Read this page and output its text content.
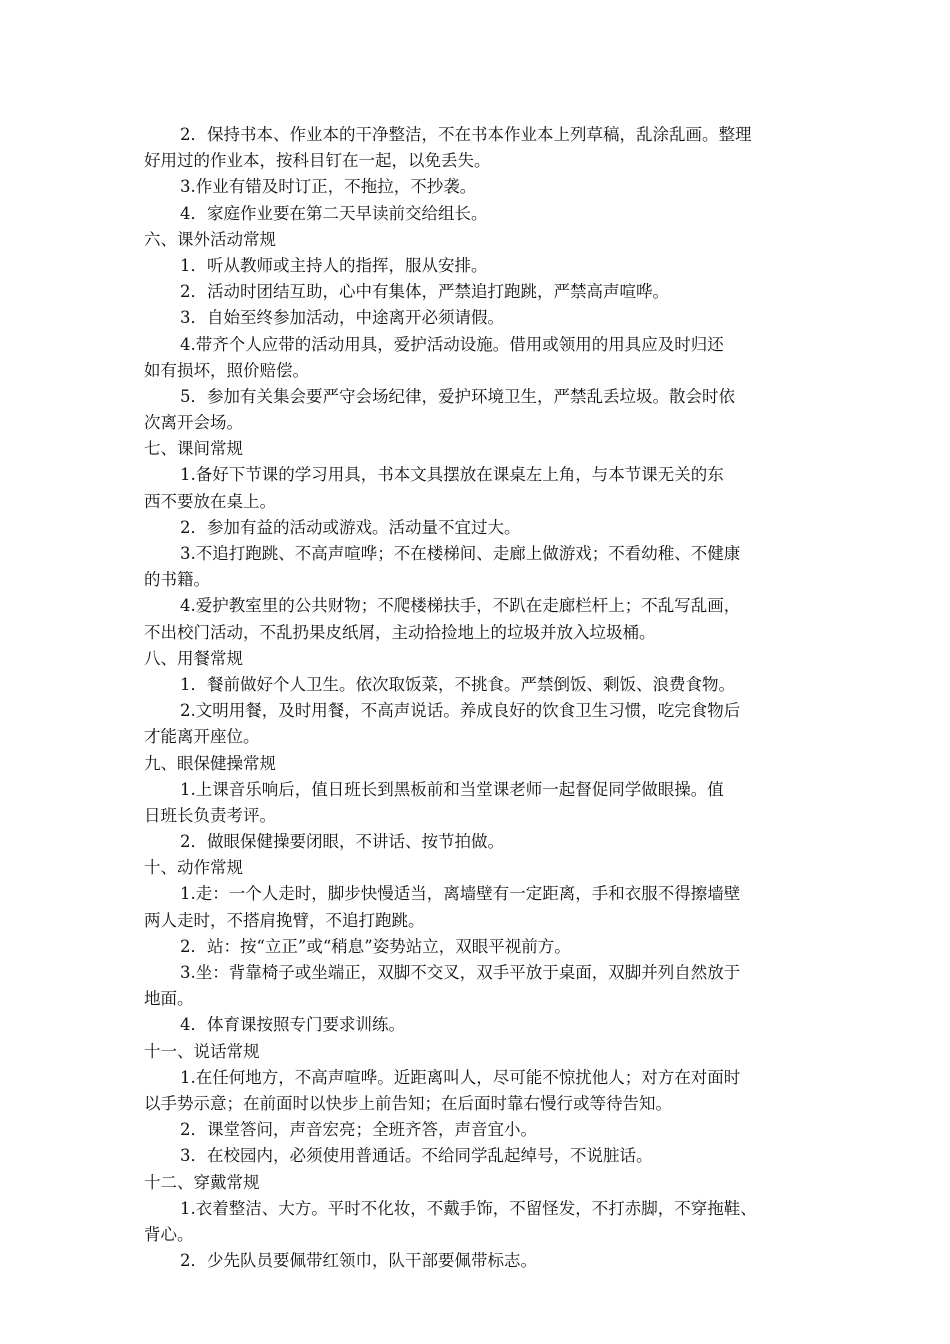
2．保持书本、作业本的干净整洁，不在书本作业本上列草稿，乱涂乱画。整理
好用过的作业本，按科目钉在一起，以免丢失。
3.作业有错及时订正，不拖拉，不抄袭。
4．家庭作业要在第二天早读前交给组长。
六、课外活动常规
1．听从教师或主持人的指挥，服从安排。
2．活动时团结互助，心中有集体，严禁追打跑跳，严禁高声喧哗。
3．自始至终参加活动，中途离开必须请假。
4.带齐个人应带的活动用具，爱护活动设施。借用或领用的用具应及时归还
如有损坏，照价赔偿。
5．参加有关集会要严守会场纪律，爱护环境卫生，严禁乱丢垃圾。散会时依
次离开会场。
七、课间常规
1.备好下节课的学习用具，书本文具摆放在课桌左上角，与本节课无关的东
西不要放在桌上。
2．参加有益的活动或游戏。活动量不宜过大。
3.不追打跑跳、不高声喧哗；不在楼梯间、走廊上做游戏；不看幼稚、不健康
的书籍。
4.爱护教室里的公共财物；不爬楼梯扶手，不趴在走廊栏杆上；不乱写乱画，
不出校门活动，不乱扔果皮纸屑，主动拾捡地上的垃圾并放入垃圾桶。
八、用餐常规
1．餐前做好个人卫生。依次取饭菜，不挑食。严禁倒饭、剩饭、浪费食物。
2.文明用餐，及时用餐，不高声说话。养成良好的饮食卫生习惯，吃完食物后
才能离开座位。
九、眼保健操常规
1.上课音乐响后，值日班长到黑板前和当堂课老师一起督促同学做眼操。值
日班长负责考评。
2．做眼保健操要闭眼，不讲话、按节拍做。
十、动作常规
1.走：一个人走时，脚步快慢适当，离墙壁有一定距离，手和衣服不得擦墙壁
两人走时，不搭肩挽臂，不追打跑跳。
2．站：按“立正”或“稍息”姿势站立，双眼平视前方。
3.坐：背靠椅子或坐端正，双脚不交叉，双手平放于桌面，双脚并列自然放于
地面。
4．体育课按照专门要求训练。
十一、说话常规
1.在任何地方，不高声喧哗。近距离叫人，尽可能不惊扰他人；对方在对面时
以手势示意；在前面时以快步上前告知；在后面时靠右慢行或等待告知。
2．课堂答问，声音宏亮；全班齐答，声音宜小。
3．在校园内，必须使用普通话。不给同学乱起绰号，不说脏话。
十二、穿戴常规
1.衣着整洁、大方。平时不化妆，不戴手饰，不留怪发，不打赤脚，不穿拖鞋、
背心。
2．少先队员要佩带红领巾，队干部要佩带标志。
